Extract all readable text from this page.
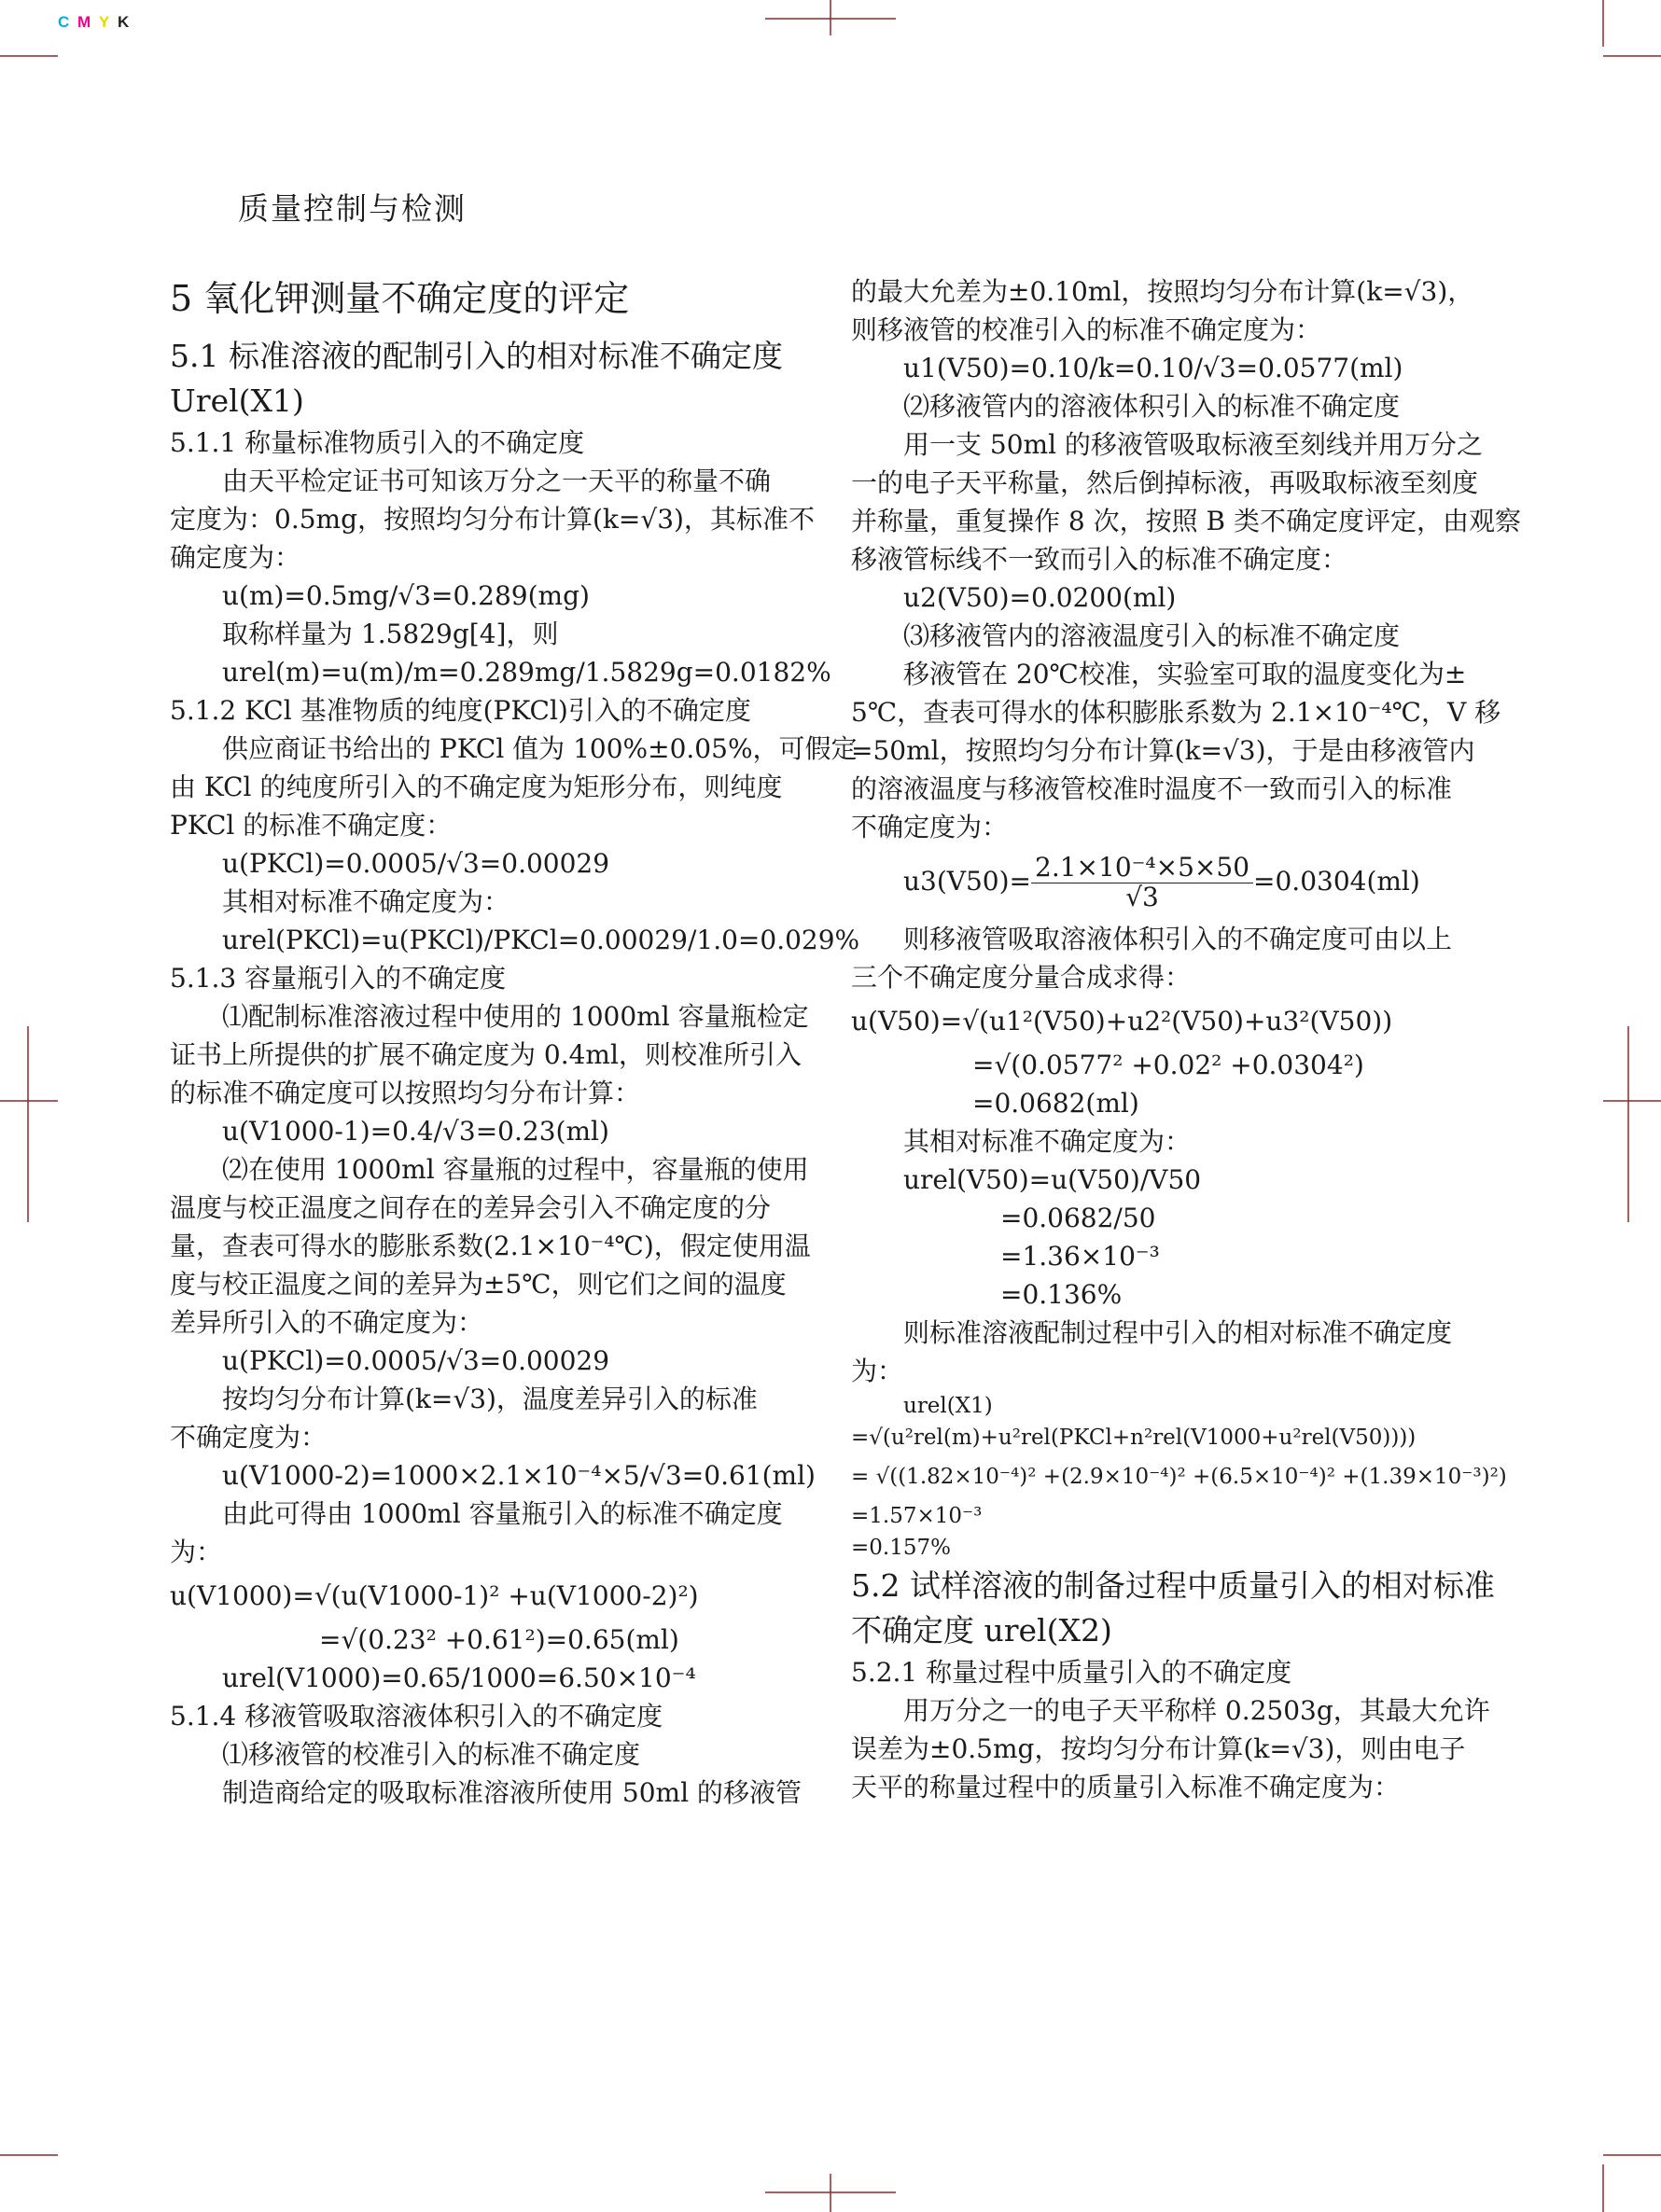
C M Y K
质量控制与检测
5 氧化钾测量不确定度的评定
5.1 标准溶液的配制引入的相对标准不确定度
Urel(X1)
5.1.1 称量标准物质引入的不确定度
由天平检定证书可知该万分之一天平的称量不确
定度为：0.5mg，按照均匀分布计算(k=√3)，其标准不
确定度为：
u(m)=0.5mg/√3=0.289(mg)
取称样量为 1.5829g[4]，则
urel(m)=u(m)/m=0.289mg/1.5829g=0.0182%
5.1.2 KCl 基准物质的纯度(PKCl)引入的不确定度
供应商证书给出的 PKCl 值为 100%±0.05%，可假定
由 KCl 的纯度所引入的不确定度为矩形分布，则纯度
PKCl 的标准不确定度：
u(PKCl)=0.0005/√3=0.00029
其相对标准不确定度为：
urel(PKCl)=u(PKCl)/PKCl=0.00029/1.0=0.029%
5.1.3 容量瓶引入的不确定度
⑴配制标准溶液过程中使用的 1000ml 容量瓶检定
证书上所提供的扩展不确定度为 0.4ml，则校准所引入
的标准不确定度可以按照均匀分布计算：
u(V1000-1)=0.4/√3=0.23(ml)
⑵在使用 1000ml 容量瓶的过程中，容量瓶的使用
温度与校正温度之间存在的差异会引入不确定度的分
量，查表可得水的膨胀系数(2.1×10⁻⁴℃)，假定使用温
度与校正温度之间的差异为±5℃，则它们之间的温度
差异所引入的不确定度为：
u(PKCl)=0.0005/√3=0.00029
按均匀分布计算(k=√3)，温度差异引入的标准
不确定度为：
u(V1000-2)=1000×2.1×10⁻⁴×5/√3=0.61(ml)
由此可得由 1000ml 容量瓶引入的标准不确定度
为：
u(V1000)=√(u(V1000-1)² +u(V1000-2)²)
=√(0.23² +0.61²)=0.65(ml)
urel(V1000)=0.65/1000=6.50×10⁻⁴
5.1.4 移液管吸取溶液体积引入的不确定度
⑴移液管的校准引入的标准不确定度
制造商给定的吸取标准溶液所使用 50ml 的移液管
的最大允差为±0.10ml，按照均匀分布计算(k=√3)，
则移液管的校准引入的标准不确定度为：
u1(V50)=0.10/k=0.10/√3=0.0577(ml)
⑵移液管内的溶液体积引入的标准不确定度
用一支 50ml 的移液管吸取标液至刻线并用万分之
一的电子天平称量，然后倒掉标液，再吸取标液至刻度
并称量，重复操作 8 次，按照 B 类不确定度评定，由观察
移液管标线不一致而引入的标准不确定度：
u2(V50)=0.0200(ml)
⑶移液管内的溶液温度引入的标准不确定度
移液管在 20℃校准，实验室可取的温度变化为±
5℃，查表可得水的体积膨胀系数为 2.1×10⁻⁴℃，V 移
=50ml，按照均匀分布计算(k=√3)，于是由移液管内
的溶液温度与移液管校准时温度不一致而引入的标准
不确定度为：
$u3(V50)= \frac{\text{2.1×10⁻⁴×5×50}}{√3} =0.0304(ml)$
则移液管吸取溶液体积引入的不确定度可由以上
三个不确定度分量合成求得：
u(V50)=√(u1²(V50)+u2²(V50)+u3²(V50))
=√(0.0577² +0.02² +0.0304²)
=0.0682(ml)
其相对标准不确定度为：
urel(V50)=u(V50)/V50
=0.0682/50
=1.36×10⁻³
=0.136%
则标准溶液配制过程中引入的相对标准不确定度
为：
urel(X1)
=√(u²rel(m)+u²rel(PKCl+n²rel(V1000+u²rel(V50))))
= √((1.82×10⁻⁴)² +(2.9×10⁻⁴)² +(6.5×10⁻⁴)² +(1.39×10⁻³)²)
=1.57×10⁻³
=0.157%
5.2 试样溶液的制备过程中质量引入的相对标准
不确定度 urel(X2)
5.2.1 称量过程中质量引入的不确定度
用万分之一的电子天平称样 0.2503g，其最大允许
误差为±0.5mg，按均匀分布计算(k=√3)，则由电子
天平的称量过程中的质量引入标准不确定度为：
